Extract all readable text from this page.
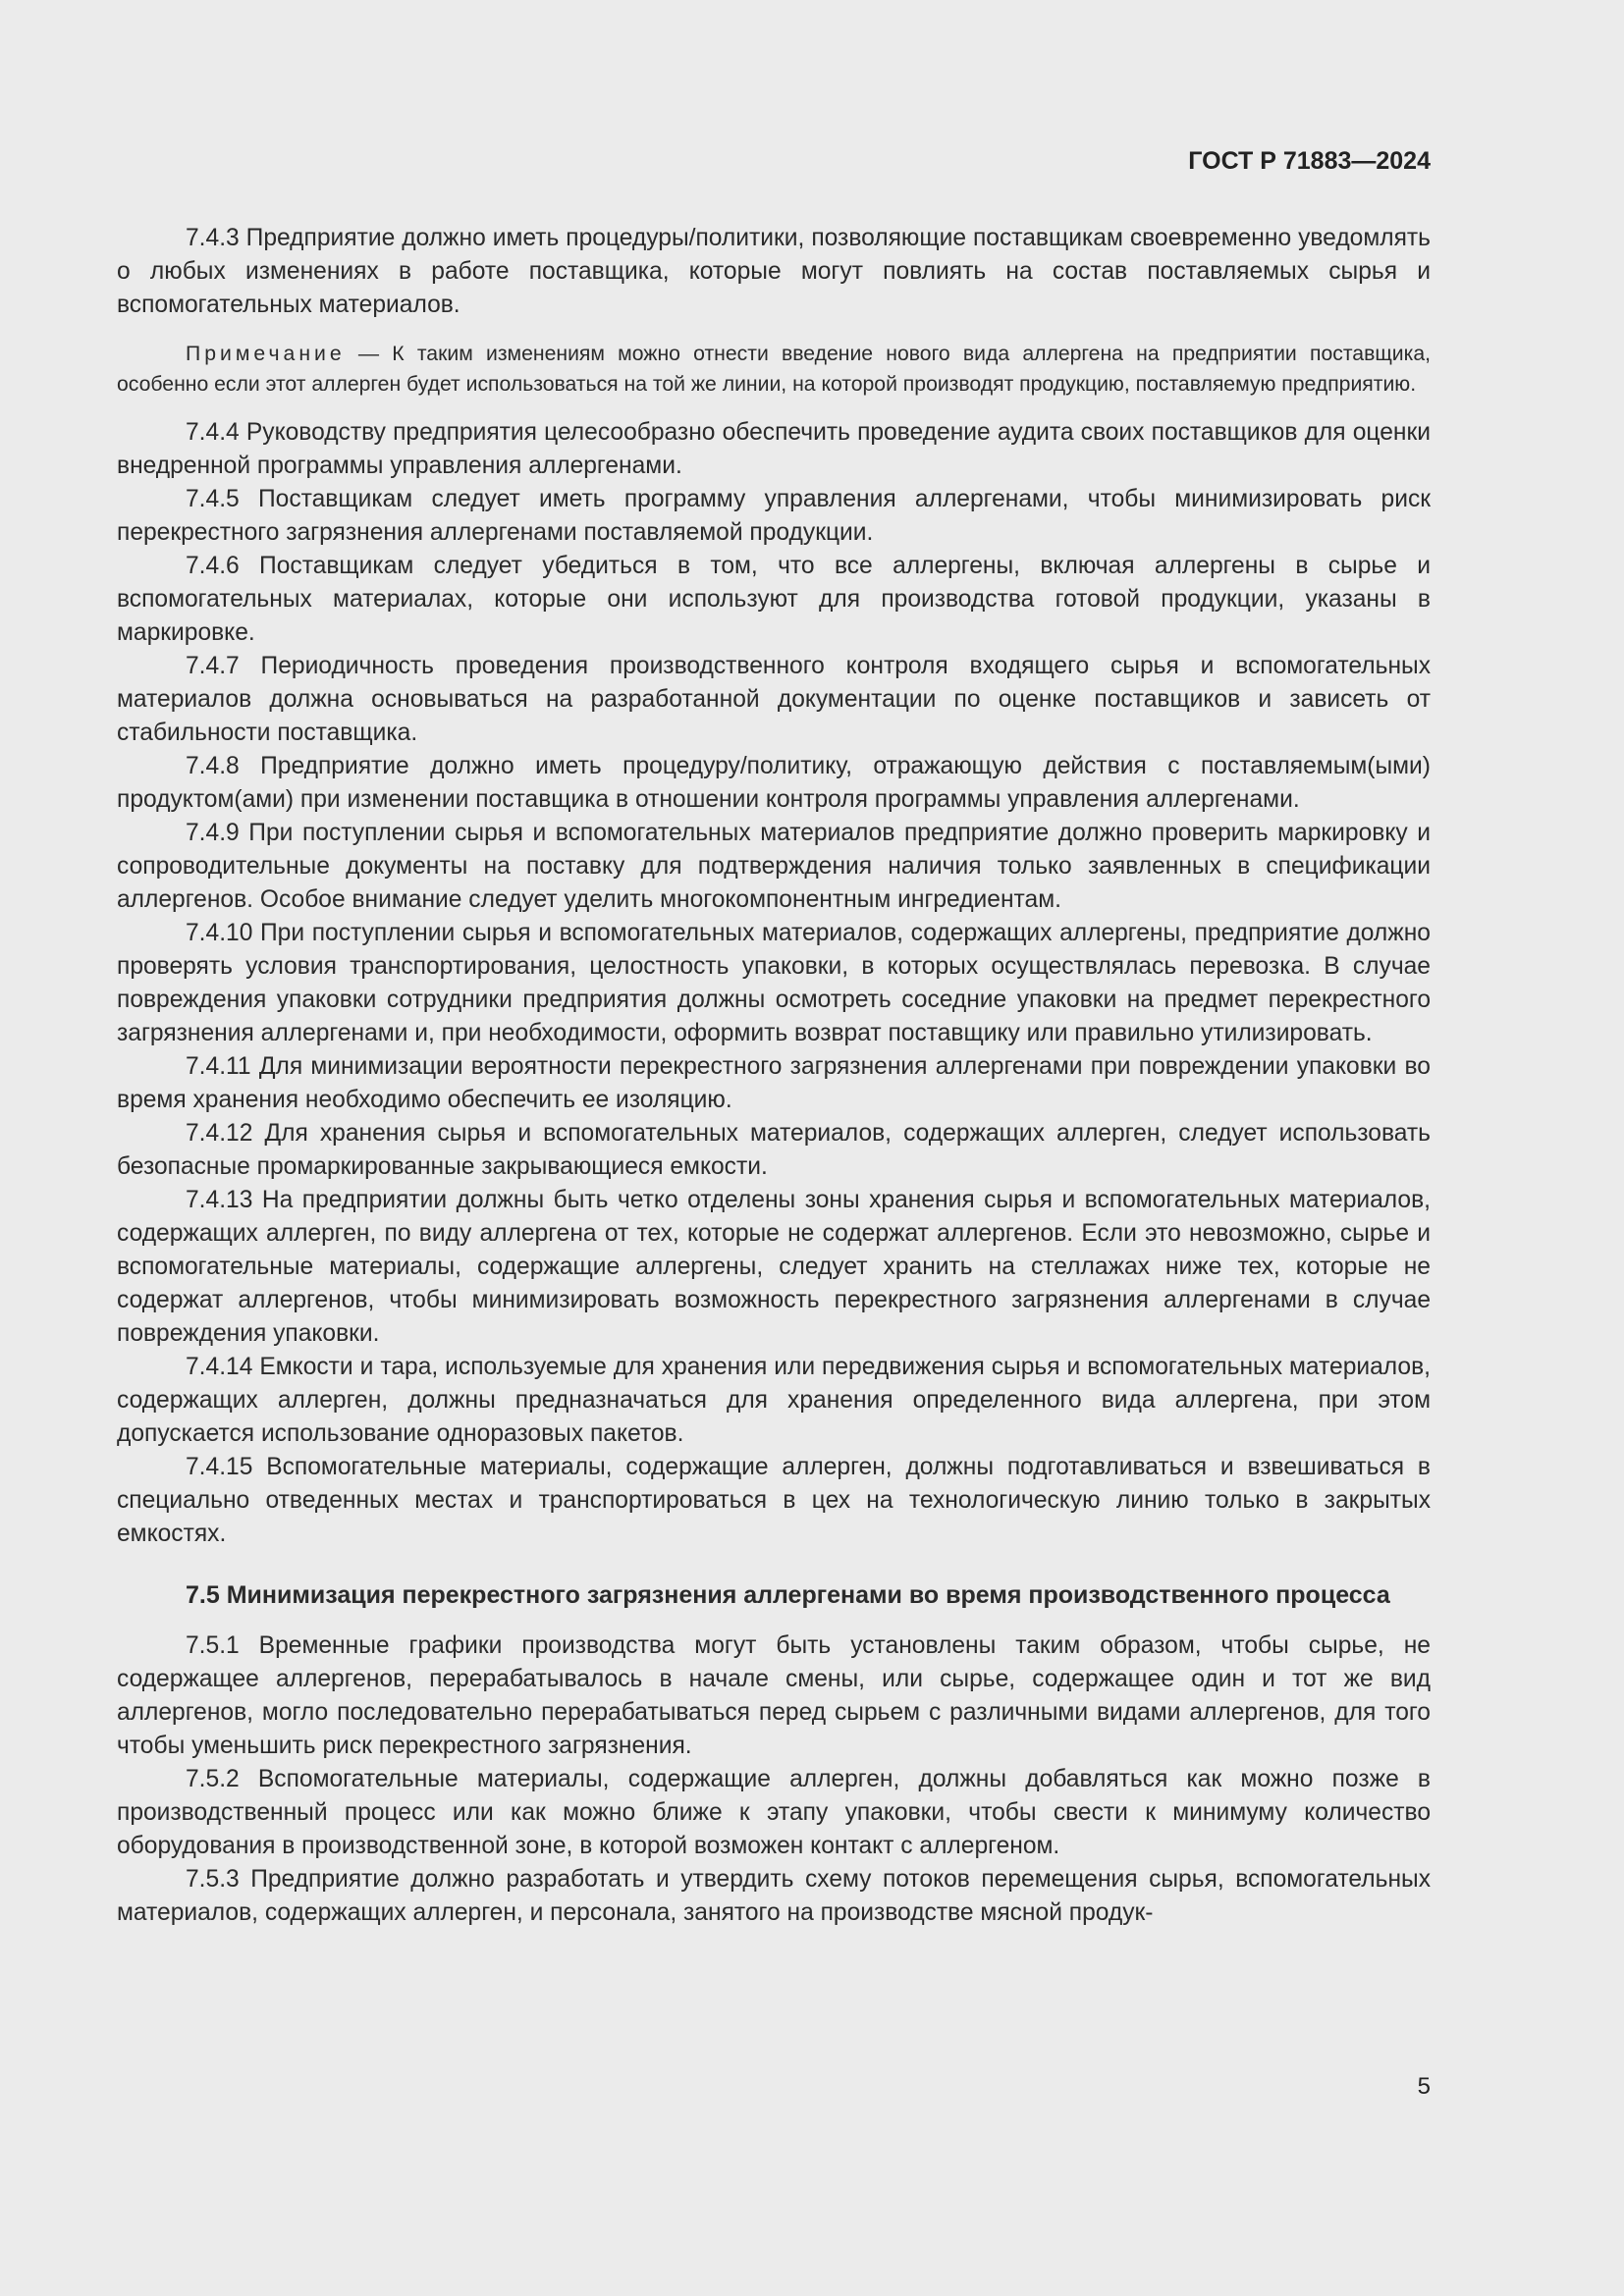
ГОСТ Р 71883—2024

7.4.3 Предприятие должно иметь процедуры/политики, позволяющие поставщикам своевременно уведомлять о любых изменениях в работе поставщика, которые могут повлиять на состав поставляемых сырья и вспомогательных материалов.

Примечание — К таким изменениям можно отнести введение нового вида аллергена на предприятии поставщика, особенно если этот аллерген будет использоваться на той же линии, на которой производят продукцию, поставляемую предприятию.

7.4.4 Руководству предприятия целесообразно обеспечить проведение аудита своих поставщиков для оценки внедренной программы управления аллергенами.

7.4.5 Поставщикам следует иметь программу управления аллергенами, чтобы минимизировать риск перекрестного загрязнения аллергенами поставляемой продукции.

7.4.6 Поставщикам следует убедиться в том, что все аллергены, включая аллергены в сырье и вспомогательных материалах, которые они используют для производства готовой продукции, указаны в маркировке.

7.4.7 Периодичность проведения производственного контроля входящего сырья и вспомогательных материалов должна основываться на разработанной документации по оценке поставщиков и зависеть от стабильности поставщика.

7.4.8 Предприятие должно иметь процедуру/политику, отражающую действия с поставляемым(ыми) продуктом(ами) при изменении поставщика в отношении контроля программы управления аллергенами.

7.4.9 При поступлении сырья и вспомогательных материалов предприятие должно проверить маркировку и сопроводительные документы на поставку для подтверждения наличия только заявленных в спецификации аллергенов. Особое внимание следует уделить многокомпонентным ингредиентам.

7.4.10 При поступлении сырья и вспомогательных материалов, содержащих аллергены, предприятие должно проверять условия транспортирования, целостность упаковки, в которых осуществлялась перевозка. В случае повреждения упаковки сотрудники предприятия должны осмотреть соседние упаковки на предмет перекрестного загрязнения аллергенами и, при необходимости, оформить возврат поставщику или правильно утилизировать.

7.4.11 Для минимизации вероятности перекрестного загрязнения аллергенами при повреждении упаковки во время хранения необходимо обеспечить ее изоляцию.

7.4.12 Для хранения сырья и вспомогательных материалов, содержащих аллерген, следует использовать безопасные промаркированные закрывающиеся емкости.

7.4.13 На предприятии должны быть четко отделены зоны хранения сырья и вспомогательных материалов, содержащих аллерген, по виду аллергена от тех, которые не содержат аллергенов. Если это невозможно, сырье и вспомогательные материалы, содержащие аллергены, следует хранить на стеллажах ниже тех, которые не содержат аллергенов, чтобы минимизировать возможность перекрестного загрязнения аллергенами в случае повреждения упаковки.

7.4.14 Емкости и тара, используемые для хранения или передвижения сырья и вспомогательных материалов, содержащих аллерген, должны предназначаться для хранения определенного вида аллергена, при этом допускается использование одноразовых пакетов.

7.4.15 Вспомогательные материалы, содержащие аллерген, должны подготавливаться и взвешиваться в специально отведенных местах и транспортироваться в цех на технологическую линию только в закрытых емкостях.

7.5 Минимизация перекрестного загрязнения аллергенами во время производственного процесса

7.5.1 Временные графики производства могут быть установлены таким образом, чтобы сырье, не содержащее аллергенов, перерабатывалось в начале смены, или сырье, содержащее один и тот же вид аллергенов, могло последовательно перерабатываться перед сырьем с различными видами аллергенов, для того чтобы уменьшить риск перекрестного загрязнения.

7.5.2 Вспомогательные материалы, содержащие аллерген, должны добавляться как можно позже в производственный процесс или как можно ближе к этапу упаковки, чтобы свести к минимуму количество оборудования в производственной зоне, в которой возможен контакт с аллергеном.

7.5.3 Предприятие должно разработать и утвердить схему потоков перемещения сырья, вспомогательных материалов, содержащих аллерген, и персонала, занятого на производстве мясной продук-

5
